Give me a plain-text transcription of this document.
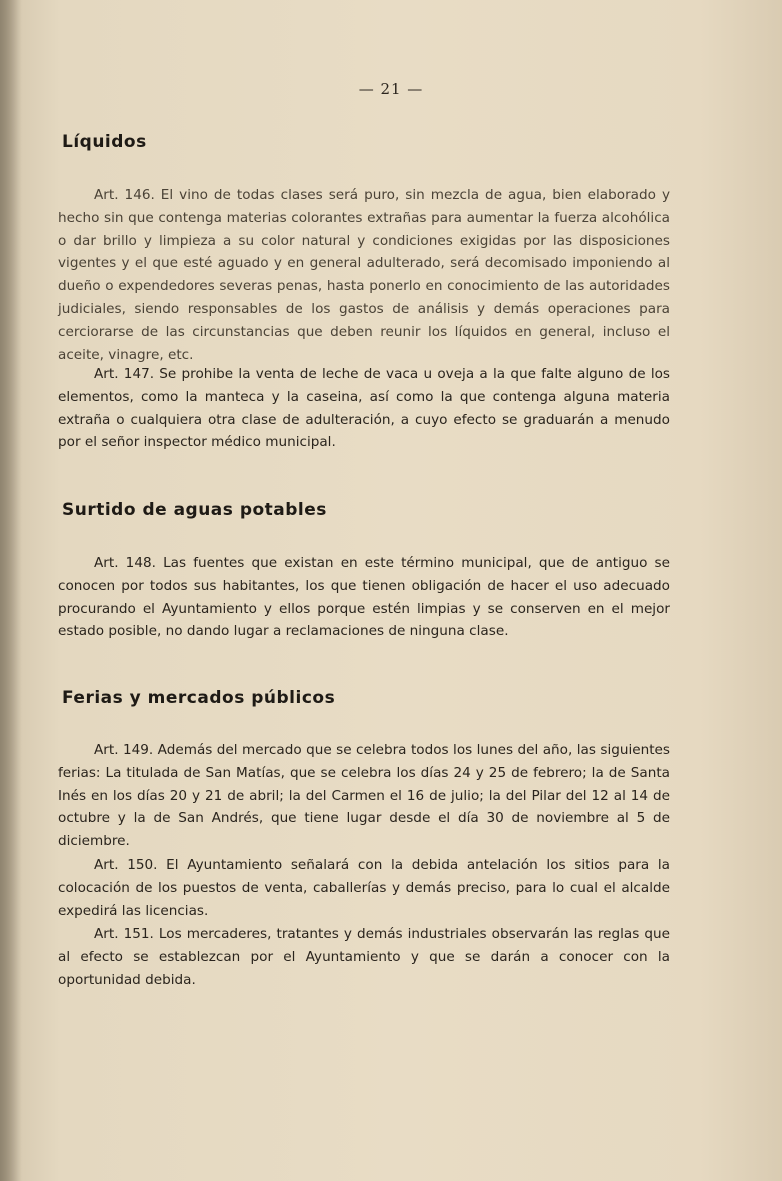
— 21 —
Líquidos
Art. 146. El vino de todas clases será puro, sin mezcla de agua, bien elaborado y hecho sin que contenga materias colorantes extrañas para aumentar la fuerza alcohólica o dar brillo y limpieza a su color natural y condiciones exigidas por las disposiciones vigentes y el que esté aguado y en general adulterado, será decomisado imponiendo al dueño o expendedores severas penas, hasta ponerlo en conocimiento de las autoridades judiciales, siendo responsables de los gastos de análisis y demás operaciones para cerciorarse de las circunstancias que deben reunir los líquidos en general, incluso el aceite, vinagre, etc.
Art. 147. Se prohibe la venta de leche de vaca u oveja a la que falte alguno de los elementos, como la manteca y la caseina, así como la que contenga alguna materia extraña o cualquiera otra clase de adulteración, a cuyo efecto se graduarán a menudo por el señor inspector médico municipal.
Surtido de aguas potables
Art. 148. Las fuentes que existan en este término municipal, que de antiguo se conocen por todos sus habitantes, los que tienen obligación de hacer el uso adecuado procurando el Ayuntamiento y ellos porque estén limpias y se conserven en el mejor estado posible, no dando lugar a reclamaciones de ninguna clase.
Ferias y mercados públicos
Art. 149. Además del mercado que se celebra todos los lunes del año, las siguientes ferias: La titulada de San Matías, que se celebra los días 24 y 25 de febrero; la de Santa Inés en los días 20 y 21 de abril; la del Carmen el 16 de julio; la del Pilar del 12 al 14 de octubre y la de San Andrés, que tiene lugar desde el día 30 de noviembre al 5 de diciembre.
Art. 150. El Ayuntamiento señalará con la debida antelación los sitios para la colocación de los puestos de venta, caballerías y demás preciso, para lo cual el alcalde expedirá las licencias.
Art. 151. Los mercaderes, tratantes y demás industriales observarán las reglas que al efecto se establezcan por el Ayuntamiento y que se darán a conocer con la oportunidad debida.
